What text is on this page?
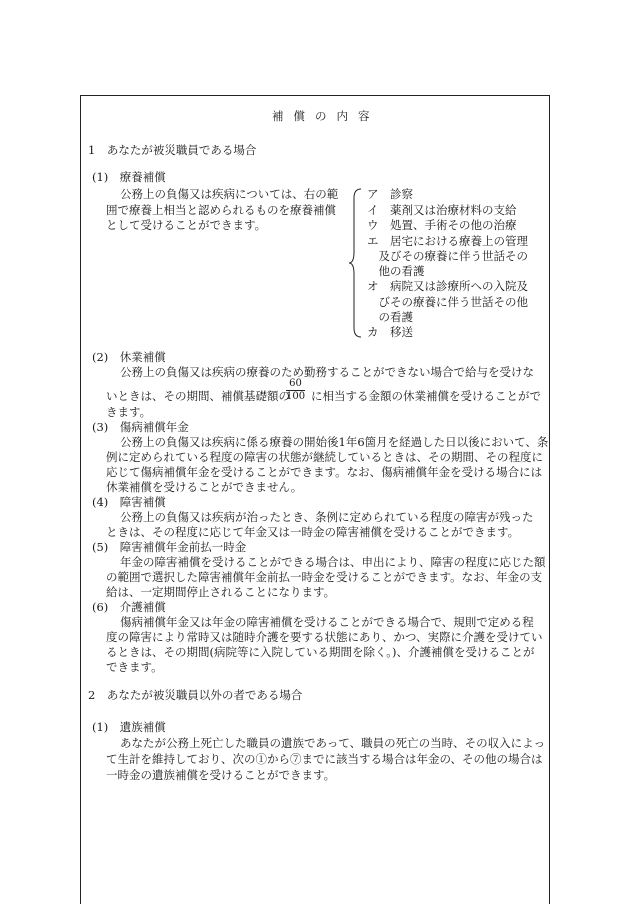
補償の内容
1　あなたが被災職員である場合
(1)　療養補償
公務上の負傷又は疾病については、右の範
囲で療養上相当と認められるものを療養補償
として受けることができます。
ア　診察
イ　薬剤又は治療材料の支給
ウ　処置、手術その他の治療
エ　居宅における療養上の管理
　及びその療養に伴う世話その
　他の看護
オ　病院又は診療所への入院及
　びその療養に伴う世話その他
　の看護
カ　移送
(2)　休業補償
公務上の負傷又は疾病の療養のため勤務することができない場合で給与を受けな
いときは、その期間、補償基礎額の
$\frac{60}{100}$ に相当する金額の休業補償を受けることがで
きます。
(3)　傷病補償年金
公務上の負傷又は疾病に係る療養の開始後1年6箇月を経過した日以後において、条
例に定められている程度の障害の状態が継続しているときは、その期間、その程度に
応じて傷病補償年金を受けることができます。なお、傷病補償年金を受ける場合には
休業補償を受けることができません。
(4)　障害補償
公務上の負傷又は疾病が治ったとき、条例に定められている程度の障害が残った
ときは、その程度に応じて年金又は一時金の障害補償を受けることができます。
(5)　障害補償年金前払一時金
年金の障害補償を受けることができる場合は、申出により、障害の程度に応じた額
の範囲で選択した障害補償年金前払一時金を受けることができます。なお、年金の支
給は、一定期間停止されることになります。
(6)　介護補償
傷病補償年金又は年金の障害補償を受けることができる場合で、規則で定める程
度の障害により常時又は随時介護を要する状態にあり、かつ、実際に介護を受けてい
るときは、その期間(病院等に入院している期間を除く。)、介護補償を受けることが
できます。
2　あなたが被災職員以外の者である場合
(1)　遺族補償
あなたが公務上死亡した職員の遺族であって、職員の死亡の当時、その収入によっ
て生計を維持しており、次の①から⑦までに該当する場合は年金の、その他の場合は
一時金の遺族補償を受けることができます。
